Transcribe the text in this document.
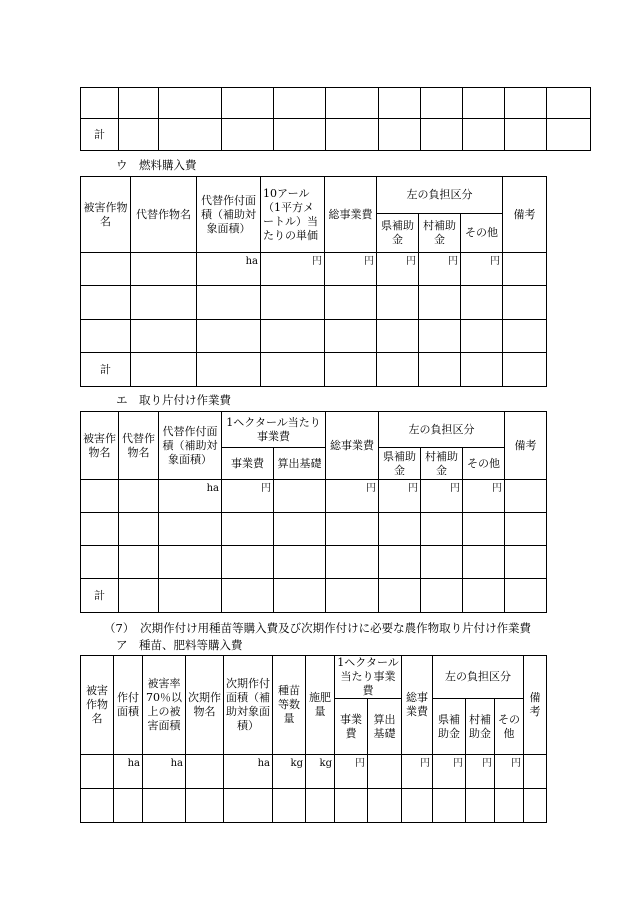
計										
ウ　燃料購入費
被害作物名	代替作物名	代替作付面積（補助対象面積）	10アール（1平方メートル）当たりの単価	総事業費	左の負担区分			備考
					県補助金	村補助金	その他	
		ha	円	円	円	円	円	

計								
エ　取り片付け作業費
被害作物名	代替作物名	代替作付面積（補助対象面積）	1ヘクタール当たり事業費		総事業費	左の負担区分			備考
			事業費	算出基礎		県補助金	村補助金	その他	
		ha	円		円	円	円	円	

計									
（7）　次期作付け用種苗等購入費及び次期作付けに必要な農作物取り片付け作業費
ア　種苗、肥料等購入費
被害作物名	作付面積	被害率70％以上の被害面積	次期作物名	次期作付面積（補助対象面積）	種苗等数量	施肥量	1ヘクタール当たり事業費		総事業費	左の負担区分			備考
							事業費	算出基礎		県補助金	村補助金	その他	
	ha	ha		ha	kg	kg	円		円	円	円	円	
